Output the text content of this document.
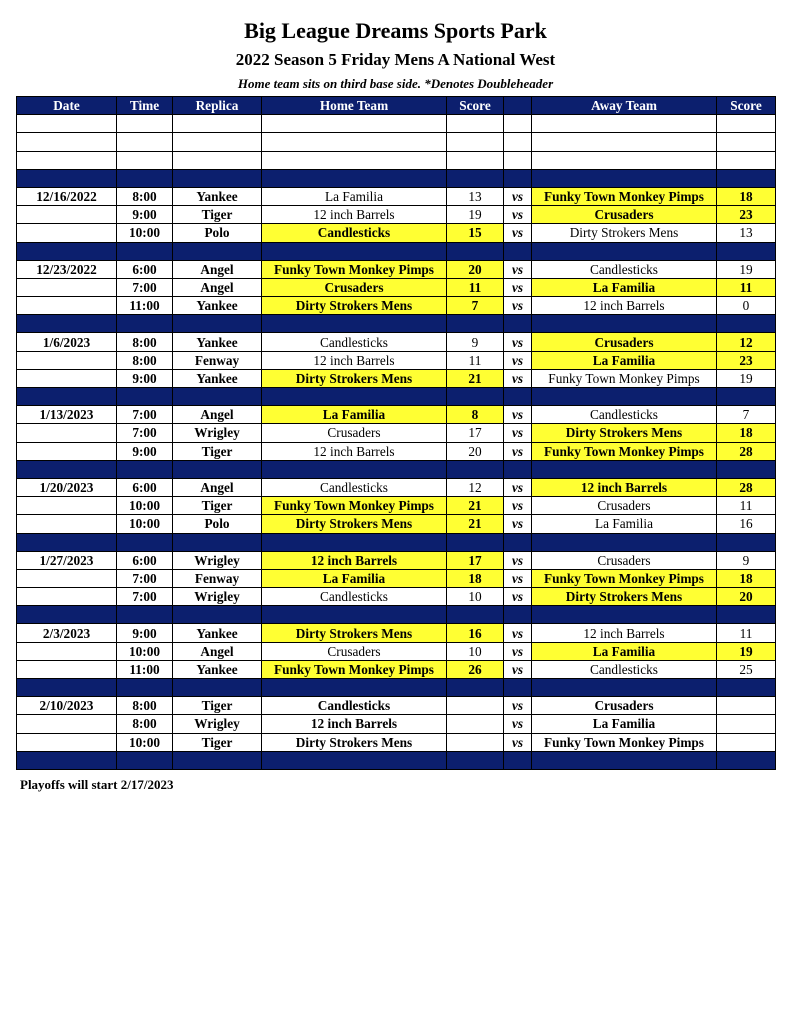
Big League Dreams Sports Park
2022 Season 5 Friday Mens A National West
Home team sits on third base side. *Denotes Doubleheader
Date	Time	Replica	Home Team	Score		Away Team	Score

12/16/2022	8:00	Yankee	La Familia	13	vs	Funky Town Monkey Pimps	18
	9:00	Tiger	12 inch Barrels	19	vs	Crusaders	23
	10:00	Polo	Candlesticks	15	vs	Dirty Strokers Mens	13

12/23/2022	6:00	Angel	Funky Town Monkey Pimps	20	vs	Candlesticks	19
	7:00	Angel	Crusaders	11	vs	La Familia	11
	11:00	Yankee	Dirty Strokers Mens	7	vs	12 inch Barrels	0

1/6/2023	8:00	Yankee	Candlesticks	9	vs	Crusaders	12
	8:00	Fenway	12 inch Barrels	11	vs	La Familia	23
	9:00	Yankee	Dirty Strokers Mens	21	vs	Funky Town Monkey Pimps	19

1/13/2023	7:00	Angel	La Familia	8	vs	Candlesticks	7
	7:00	Wrigley	Crusaders	17	vs	Dirty Strokers Mens	18
	9:00	Tiger	12 inch Barrels	20	vs	Funky Town Monkey Pimps	28

1/20/2023	6:00	Angel	Candlesticks	12	vs	12 inch Barrels	28
	10:00	Tiger	Funky Town Monkey Pimps	21	vs	Crusaders	11
	10:00	Polo	Dirty Strokers Mens	21	vs	La Familia	16

1/27/2023	6:00	Wrigley	12 inch Barrels	17	vs	Crusaders	9
	7:00	Fenway	La Familia	18	vs	Funky Town Monkey Pimps	18
	7:00	Wrigley	Candlesticks	10	vs	Dirty Strokers Mens	20

2/3/2023	9:00	Yankee	Dirty Strokers Mens	16	vs	12 inch Barrels	11
	10:00	Angel	Crusaders	10	vs	La Familia	19
	11:00	Yankee	Funky Town Monkey Pimps	26	vs	Candlesticks	25

2/10/2023	8:00	Tiger	Candlesticks		vs	Crusaders	
	8:00	Wrigley	12 inch Barrels		vs	La Familia	
	10:00	Tiger	Dirty Strokers Mens		vs	Funky Town Monkey Pimps	

Playoffs will start 2/17/2023
